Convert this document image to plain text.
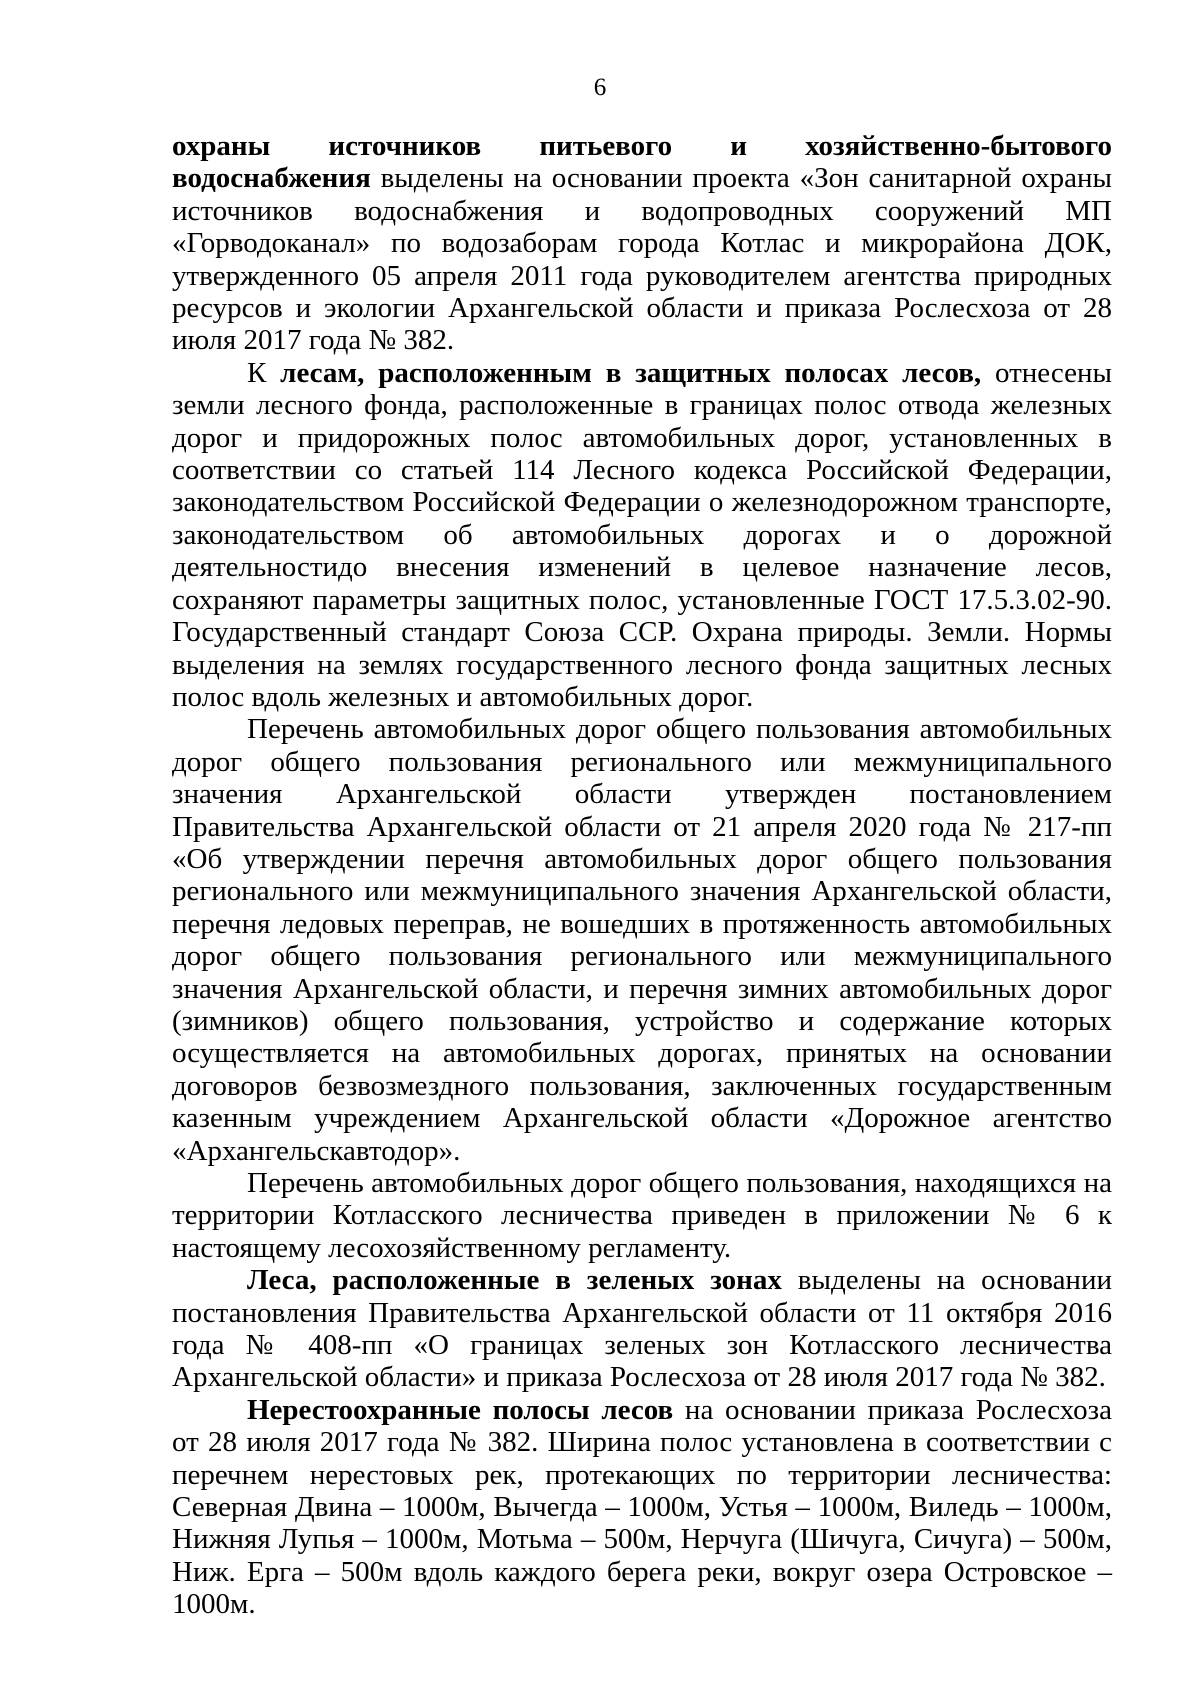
6

охраны источников питьевого и хозяйственно-бытового водоснабжения выделены на основании проекта «Зон санитарной охраны источников водоснабжения и водопроводных сооружений МП «Горводоканал» по водозаборам города Котлас и микрорайона ДОК, утвержденного 05 апреля 2011 года руководителем агентства природных ресурсов и экологии Архангельской области и приказа Рослесхоза от 28 июля 2017 года № 382.

К лесам, расположенным в защитных полосах лесов, отнесены земли лесного фонда, расположенные в границах полос отвода железных дорог и придорожных полос автомобильных дорог, установленных в соответствии со статьей 114 Лесного кодекса Российской Федерации, законодательством Российской Федерации о железнодорожном транспорте, законодательством об автомобильных дорогах и о дорожной деятельностидо внесения изменений в целевое назначение лесов, сохраняют параметры защитных полос, установленные ГОСТ 17.5.3.02-90. Государственный стандарт Союза ССР. Охрана природы. Земли. Нормы выделения на землях государственного лесного фонда защитных лесных полос вдоль железных и автомобильных дорог.

Перечень автомобильных дорог общего пользования автомобильных дорог общего пользования регионального или межмуниципального значения Архангельской области утвержден постановлением Правительства Архангельской области от 21 апреля 2020 года № 217-пп «Об утверждении перечня автомобильных дорог общего пользования регионального или межмуниципального значения Архангельской области, перечня ледовых переправ, не вошедших в протяженность автомобильных дорог общего пользования регионального или межмуниципального значения Архангельской области, и перечня зимних автомобильных дорог (зимников) общего пользования, устройство и содержание которых осуществляется на автомобильных дорогах, принятых на основании договоров безвозмездного пользования, заключенных государственным казенным учреждением Архангельской области «Дорожное агентство «Архангельскавтодор».

Перечень автомобильных дорог общего пользования, находящихся на территории Котласского лесничества приведен в приложении № 6 к настоящему лесохозяйственному регламенту.

Леса, расположенные в зеленых зонах выделены на основании постановления Правительства Архангельской области от 11 октября 2016 года № 408-пп «О границах зеленых зон Котласского лесничества Архангельской области» и приказа Рослесхоза от 28 июля 2017 года № 382.

Нерестоохранные полосы лесов на основании приказа Рослесхоза от 28 июля 2017 года № 382. Ширина полос установлена в соответствии с перечнем нерестовых рек, протекающих по территории лесничества: Северная Двина – 1000м, Вычегда – 1000м, Устья – 1000м, Виледь – 1000м, Нижняя Лупья – 1000м, Мотьма – 500м, Нерчуга (Шичуга, Сичуга) – 500м, Ниж. Ерга – 500м вдоль каждого берега реки, вокруг озера Островское – 1000м.
